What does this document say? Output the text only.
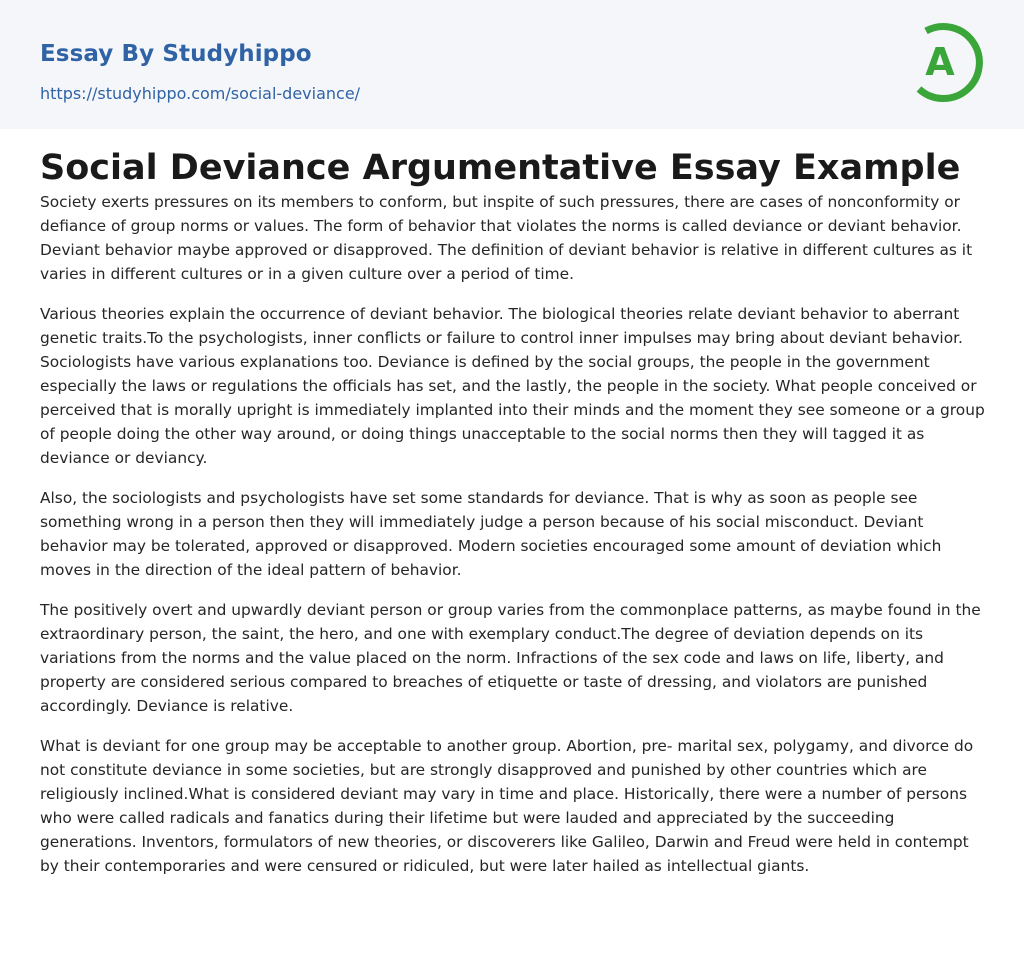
Essay By Studyhippo
https://studyhippo.com/social-deviance/
A
Social Deviance Argumentative Essay Example

Society exerts pressures on its members to conform, but inspite of such pressures, there are cases of nonconformity or defiance of group norms or values. The form of behavior that violates the norms is called deviance or deviant behavior. Deviant behavior maybe approved or disapproved. The definition of deviant behavior is relative in different cultures as it varies in different cultures or in a given culture over a period of time.

Various theories explain the occurrence of deviant behavior. The biological theories relate deviant behavior to aberrant genetic traits.To the psychologists, inner conflicts or failure to control inner impulses may bring about deviant behavior. Sociologists have various explanations too. Deviance is defined by the social groups, the people in the government especially the laws or regulations the officials has set, and the lastly, the people in the society. What people conceived or perceived that is morally upright is immediately implanted into their minds and the moment they see someone or a group of people doing the other way around, or doing things unacceptable to the social norms then they will tagged it as deviance or deviancy.

Also, the sociologists and psychologists have set some standards for deviance. That is why as soon as people see something wrong in a person then they will immediately judge a person because of his social misconduct. Deviant behavior may be tolerated, approved or disapproved. Modern societies encouraged some amount of deviation which moves in the direction of the ideal pattern of behavior.

The positively overt and upwardly deviant person or group varies from the commonplace patterns, as maybe found in the extraordinary person, the saint, the hero, and one with exemplary conduct.The degree of deviation depends on its variations from the norms and the value placed on the norm. Infractions of the sex code and laws on life, liberty, and property are considered serious compared to breaches of etiquette or taste of dressing, and violators are punished accordingly. Deviance is relative.

What is deviant for one group may be acceptable to another group. Abortion, pre- marital sex, polygamy, and divorce do not constitute deviance in some societies, but are strongly disapproved and punished by other countries which are religiously inclined.What is considered deviant may vary in time and place. Historically, there were a number of persons who were called radicals and fanatics during their lifetime but were lauded and appreciated by the succeeding generations. Inventors, formulators of new theories, or discoverers like Galileo, Darwin and Freud were held in contempt by their contemporaries and were censured or ridiculed, but were later hailed as intellectual giants.
